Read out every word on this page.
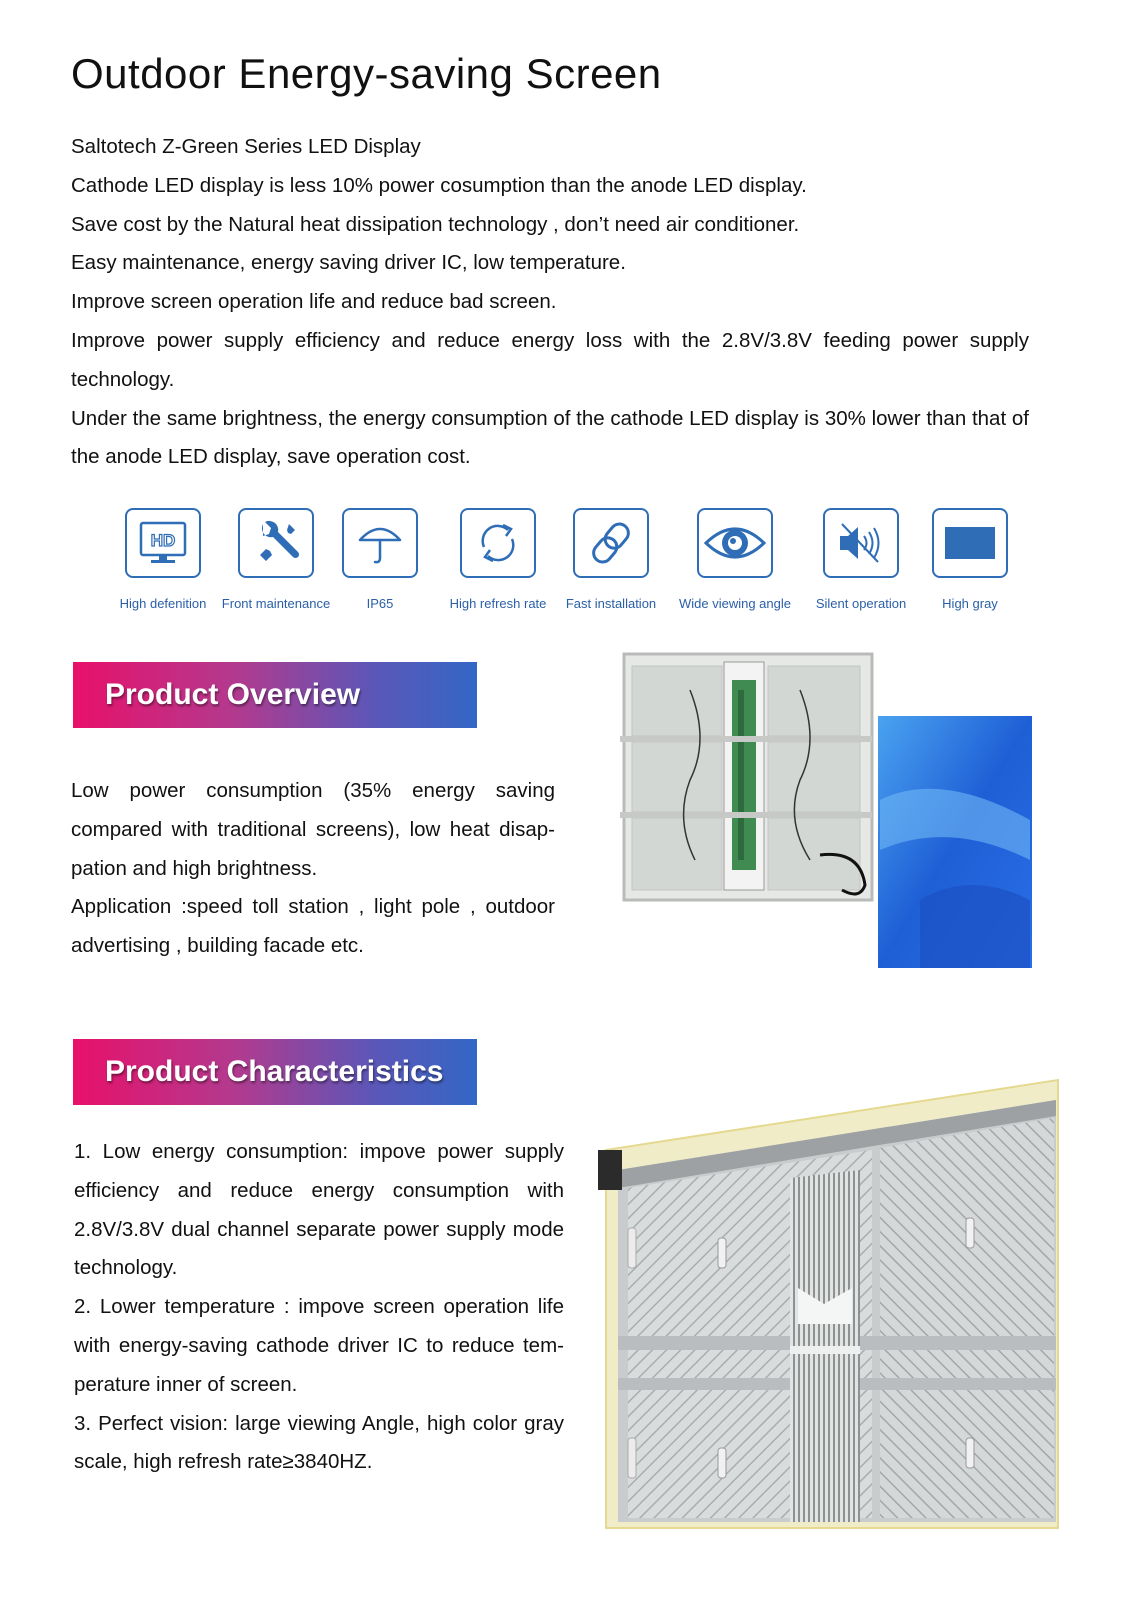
Outdoor Energy-saving Screen

Saltotech Z-Green Series LED Display

Cathode LED display is less 10% power cosumption than the anode LED display.

Save cost by the Natural heat dissipation technology , don’t need air conditioner.

Easy maintenance, energy saving driver IC, low temperature.

Improve screen operation life and reduce bad screen.

Improve power supply efficiency and reduce energy loss with the 2.8V/3.8V feeding power supply technology.

Under the same brightness, the energy consumption of the cathode LED display is 30% lower than that of the anode LED display, save operation cost.

HD
High defenition	Front maintenance	IP65	High refresh rate	Fast installation	Wide viewing angle	Silent operation	High gray
Product Overview

Low power consumption (35% energy saving compared with traditional screens), low heat disap-pation and high brightness.

Application :speed toll station , light pole , outdoor advertising , building facade etc.

Product Characteristics

1. Low energy consumption: impove power supply efficiency and reduce energy consumption with 2.8V/3.8V dual channel separate power supply mode technology.

2. Lower temperature : impove screen operation life with energy-saving cathode driver IC to reduce tem-perature inner of screen.

3. Perfect vision: large viewing Angle, high color gray scale, high refresh rate≥3840HZ.
